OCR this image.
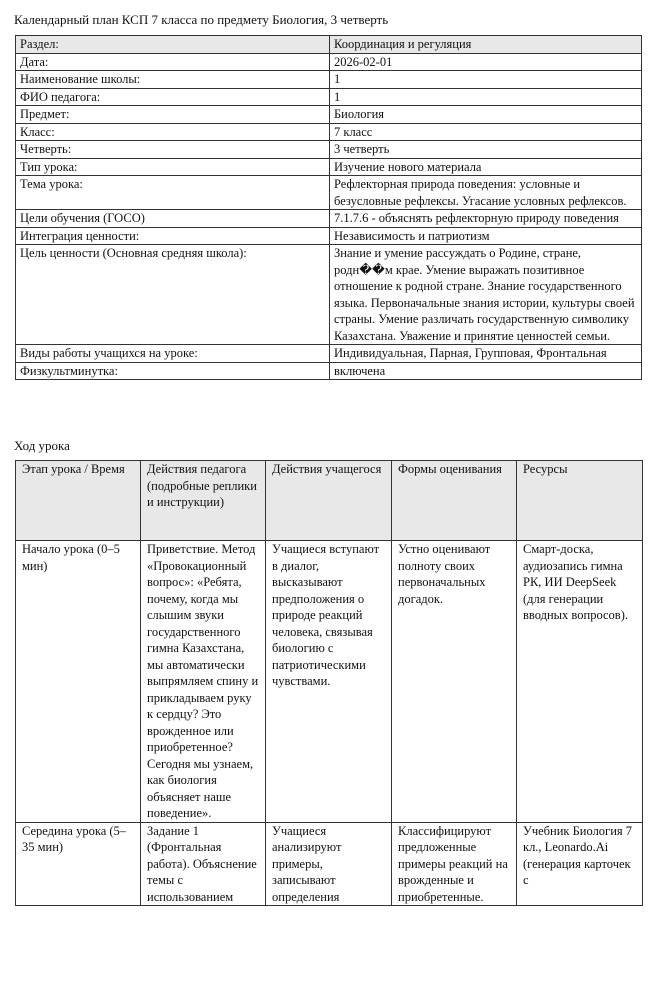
Календарный план КСП 7 класса по предмету Биология, 3 четверть
Раздел:	Координация и регуляция
Дата:	2026-02-01
Наименование школы:	1
ФИО педагога:	1
Предмет:	Биология
Класс:	7 класс
Четверть:	3 четверть
Тип урока:	Изучение нового материала
Тема урока:	Рефлекторная природа поведения: условные и безусловные рефлексы. Угасание условных рефлексов.
Цели обучения (ГОСО)	7.1.7.6 - объяснять рефлекторную природу поведения
Интеграция ценности:	Независимость и патриотизм
Цель ценности (Основная средняя школа):	Знание и умение рассуждать о Родине, стране, родн��м крае. Умение выражать позитивное отношение к родной стране. Знание государственного языка. Первоначальные знания истории, культуры своей страны. Умение различать государственную символику Казахстана. Уважение и принятие ценностей семьи.
Виды работы учащихся на уроке:	Индивидуальная, Парная, Групповая, Фронтальная
Физкультминутка:	включена
Ход урока
Этап урока / Время	Действия педагога (подробные реплики и инструкции)	Действия учащегося	Формы оценивания	Ресурсы
Начало урока (0–5 мин)	Приветствие. Метод «Провокационный вопрос»: «Ребята, почему, когда мы слышим звуки государственного гимна Казахстана, мы автоматически выпрямляем спину и прикладываем руку к сердцу? Это врожденное или приобретенное? Сегодня мы узнаем, как биология объясняет наше поведение».	Учащиеся вступают в диалог, высказывают предположения о природе реакций человека, связывая биологию с патриотическими чувствами.	Устно оценивают полноту своих первоначальных догадок.	Смарт-доска, аудиозапись гимна РК, ИИ DeepSeek (для генерации вводных вопросов).
Середина урока (5–35 мин)	Задание 1 (Фронтальная работа). Объяснение темы с использованием	Учащиеся анализируют примеры, записывают определения	Классифицируют предложенные примеры реакций на врожденные и приобретенные.	Учебник Биология 7 кл., Leonardo.Ai (генерация карточек с
